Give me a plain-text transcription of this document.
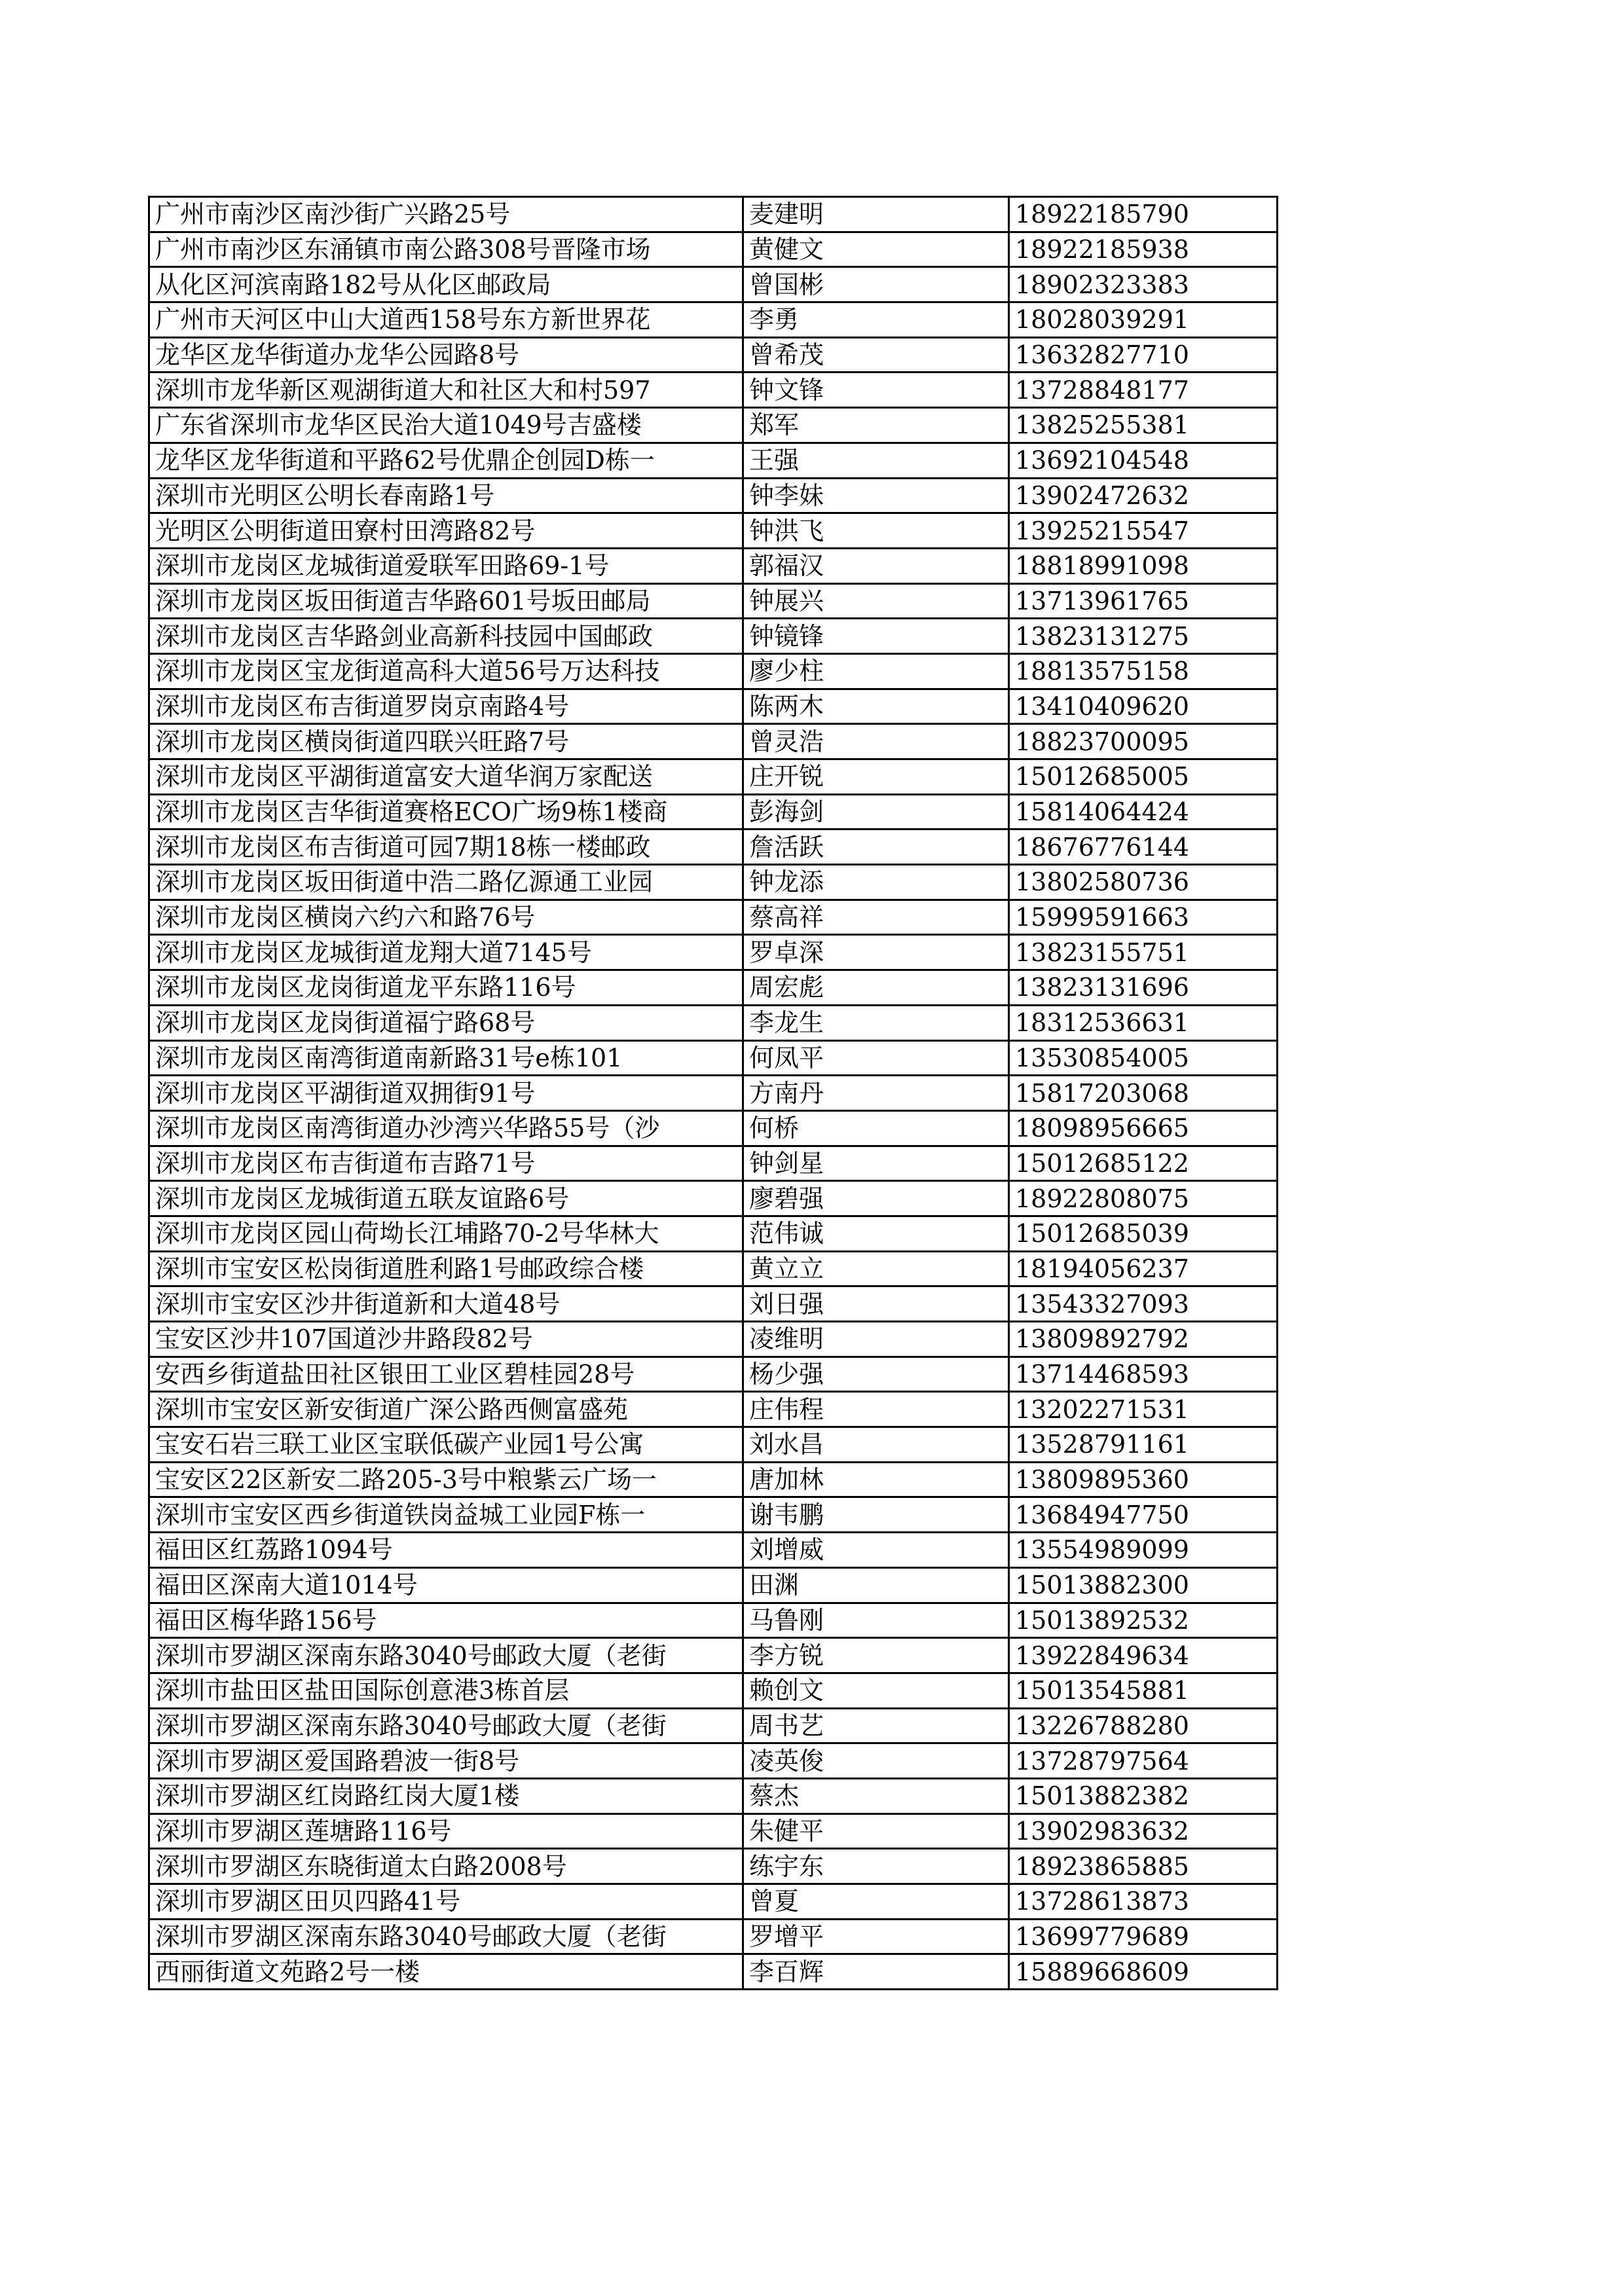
广州市南沙区南沙街广兴路25号	麦建明	18922185790
广州市南沙区东涌镇市南公路308号晋隆市场	黄健文	18922185938
从化区河滨南路182号从化区邮政局	曾国彬	18902323383
广州市天河区中山大道西158号东方新世界花	李勇	18028039291
龙华区龙华街道办龙华公园路8号	曾希茂	13632827710
深圳市龙华新区观湖街道大和社区大和村597	钟文锋	13728848177
广东省深圳市龙华区民治大道1049号吉盛楼	郑军	13825255381
龙华区龙华街道和平路62号优鼎企创园D栋一	王强	13692104548
深圳市光明区公明长春南路1号	钟李妹	13902472632
光明区公明街道田寮村田湾路82号	钟洪飞	13925215547
深圳市龙岗区龙城街道爱联军田路69-1号	郭福汉	18818991098
深圳市龙岗区坂田街道吉华路601号坂田邮局	钟展兴	13713961765
深圳市龙岗区吉华路剑业高新科技园中国邮政	钟镜锋	13823131275
深圳市龙岗区宝龙街道高科大道56号万达科技	廖少柱	18813575158
深圳市龙岗区布吉街道罗岗京南路4号	陈两木	13410409620
深圳市龙岗区横岗街道四联兴旺路7号	曾灵浩	18823700095
深圳市龙岗区平湖街道富安大道华润万家配送	庄开锐	15012685005
深圳市龙岗区吉华街道赛格ECO广场9栋1楼商	彭海剑	15814064424
深圳市龙岗区布吉街道可园7期18栋一楼邮政	詹活跃	18676776144
深圳市龙岗区坂田街道中浩二路亿源通工业园	钟龙添	13802580736
深圳市龙岗区横岗六约六和路76号	蔡高祥	15999591663
深圳市龙岗区龙城街道龙翔大道7145号	罗卓深	13823155751
深圳市龙岗区龙岗街道龙平东路116号	周宏彪	13823131696
深圳市龙岗区龙岗街道福宁路68号	李龙生	18312536631
深圳市龙岗区南湾街道南新路31号e栋101	何凤平	13530854005
深圳市龙岗区平湖街道双拥街91号	方南丹	15817203068
深圳市龙岗区南湾街道办沙湾兴华路55号（沙	何桥	18098956665
深圳市龙岗区布吉街道布吉路71号	钟剑星	15012685122
深圳市龙岗区龙城街道五联友谊路6号	廖碧强	18922808075
深圳市龙岗区园山荷坳长江埔路70-2号华林大	范伟诚	15012685039
深圳市宝安区松岗街道胜利路1号邮政综合楼	黄立立	18194056237
深圳市宝安区沙井街道新和大道48号	刘日强	13543327093
宝安区沙井107国道沙井路段82号	凌维明	13809892792
安西乡街道盐田社区银田工业区碧桂园28号	杨少强	13714468593
深圳市宝安区新安街道广深公路西侧富盛苑	庄伟程	13202271531
宝安石岩三联工业区宝联低碳产业园1号公寓	刘水昌	13528791161
宝安区22区新安二路205-3号中粮紫云广场一	唐加林	13809895360
深圳市宝安区西乡街道铁岗益城工业园F栋一	谢韦鹏	13684947750
福田区红荔路1094号	刘增威	13554989099
福田区深南大道1014号	田渊	15013882300
福田区梅华路156号	马鲁刚	15013892532
深圳市罗湖区深南东路3040号邮政大厦（老街	李方锐	13922849634
深圳市盐田区盐田国际创意港3栋首层	赖创文	15013545881
深圳市罗湖区深南东路3040号邮政大厦（老街	周书艺	13226788280
深圳市罗湖区爱国路碧波一街8号	凌英俊	13728797564
深圳市罗湖区红岗路红岗大厦1楼	蔡杰	15013882382
深圳市罗湖区莲塘路116号	朱健平	13902983632
深圳市罗湖区东晓街道太白路2008号	练宇东	18923865885
深圳市罗湖区田贝四路41号	曾夏	13728613873
深圳市罗湖区深南东路3040号邮政大厦（老街	罗增平	13699779689
西丽街道文苑路2号一楼	李百辉	15889668609
